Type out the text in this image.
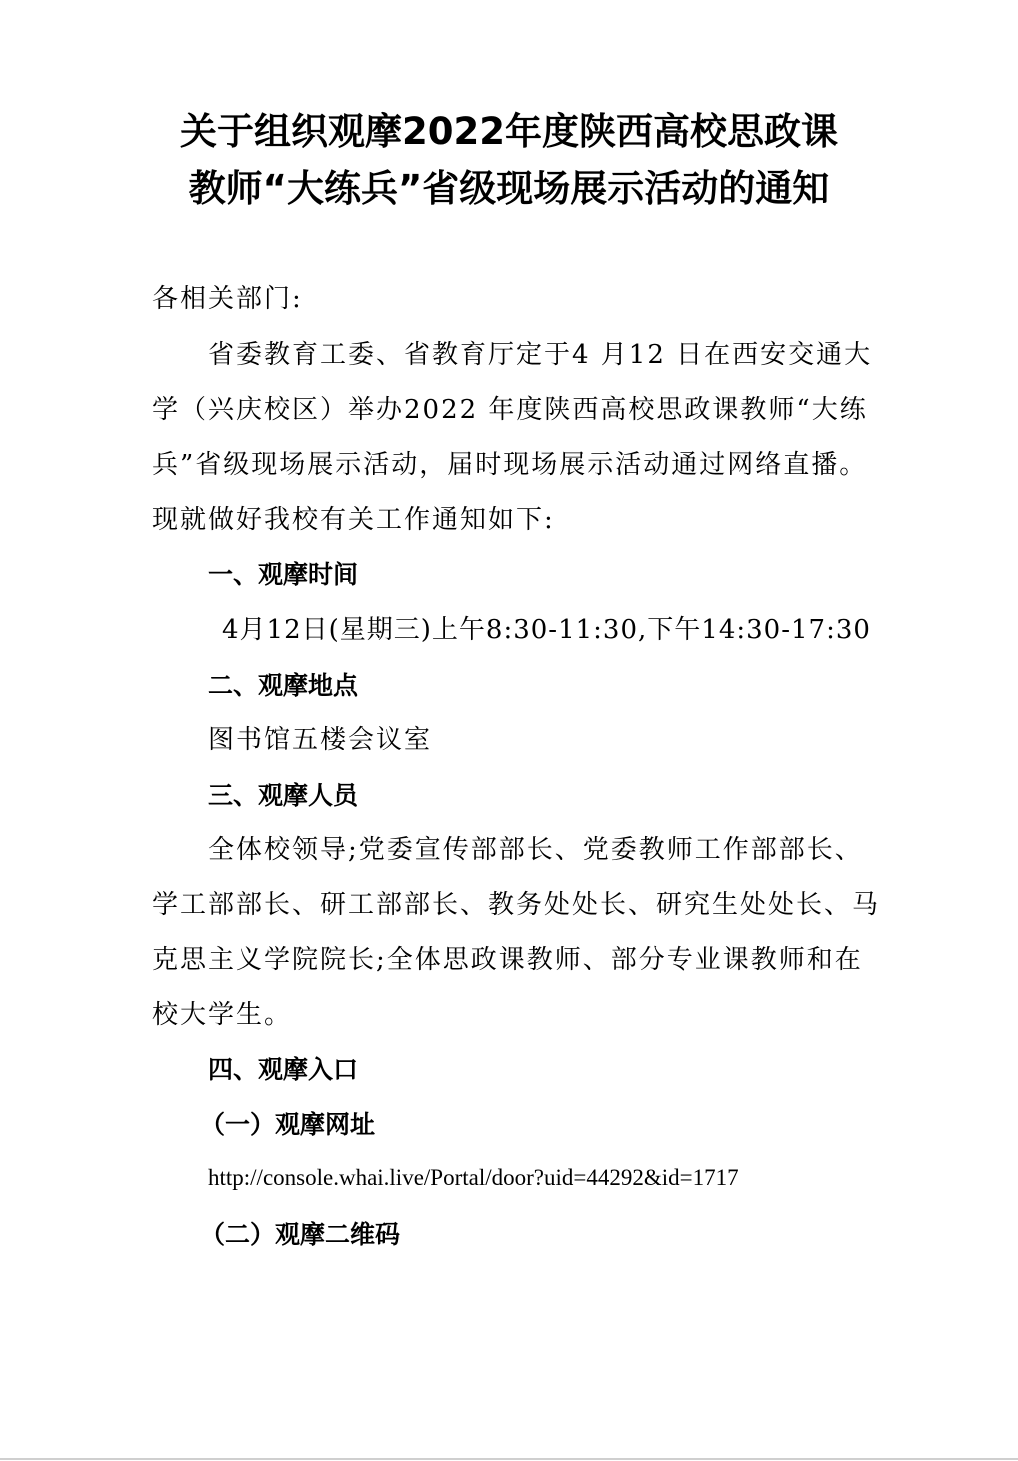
关于组织观摩2022年度陕西高校思政课
教师“大练兵”省级现场展示活动的通知
各相关部门:
省委教育工委、省教育厅定于4 月12 日在西安交通大
学（兴庆校区）举办2022 年度陕西高校思政课教师“大练
兵”省级现场展示活动，届时现场展示活动通过网络直播。
现就做好我校有关工作通知如下:
一、观摩时间
4月12日(星期三)上午8:30-11:30,下午14:30-17:30
二、观摩地点
图书馆五楼会议室
三、观摩人员
全体校领导;党委宣传部部长、党委教师工作部部长、
学工部部长、研工部部长、教务处处长、研究生处处长、马
克思主义学院院长;全体思政课教师、部分专业课教师和在
校大学生。
四、观摩入口
（一）观摩网址
http://console.whai.live/Portal/door?uid=44292&id=1717
（二）观摩二维码
